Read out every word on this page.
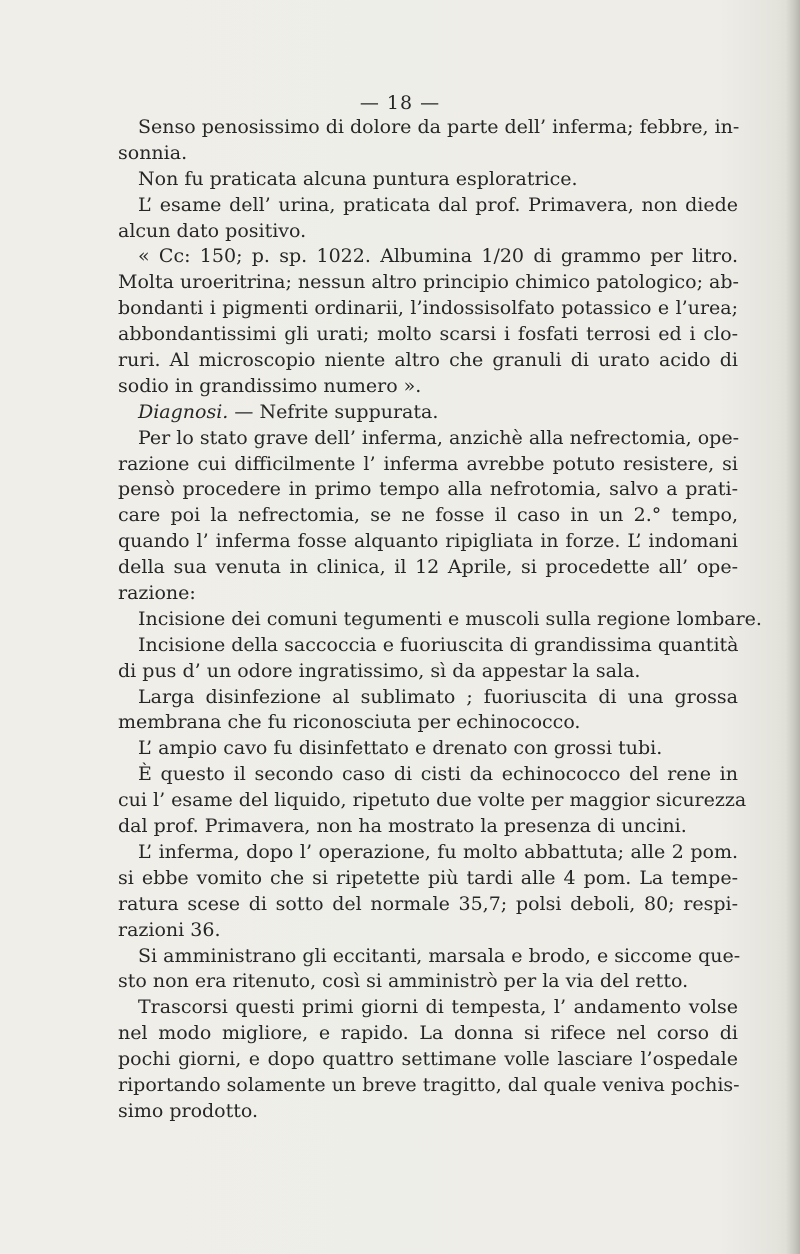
— 18 —
Senso penosissimo di dolore da parte dell’ inferma; febbre, in-
sonnia.
Non fu praticata alcuna puntura esploratrice.
L’ esame dell’ urina, praticata dal prof. Primavera, non diede
alcun dato positivo.
« Cc: 150; p. sp. 1022. Albumina 1/20 di grammo per litro.
Molta uroeritrina; nessun altro principio chimico patologico; ab-
bondanti i pigmenti ordinarii, l’indossisolfato potassico e l’urea;
abbondantissimi gli urati; molto scarsi i fosfati terrosi ed i clo-
ruri. Al microscopio niente altro che granuli di urato acido di
sodio in grandissimo numero ».
Diagnosi. — Nefrite suppurata.
Per lo stato grave dell’ inferma, anzichè alla nefrectomia, ope-
razione cui difficilmente l’ inferma avrebbe potuto resistere, si
pensò procedere in primo tempo alla nefrotomia, salvo a prati-
care poi la nefrectomia, se ne fosse il caso in un 2.° tempo,
quando l’ inferma fosse alquanto ripigliata in forze. L’ indomani
della sua venuta in clinica, il 12 Aprile, si procedette all’ ope-
razione:
Incisione dei comuni tegumenti e muscoli sulla regione lombare.
Incisione della saccoccia e fuoriuscita di grandissima quantità
di pus d’ un odore ingratissimo, sì da appestar la sala.
Larga disinfezione al sublimato ; fuoriuscita di una grossa
membrana che fu riconosciuta per echinococco.
L’ ampio cavo fu disinfettato e drenato con grossi tubi.
È questo il secondo caso di cisti da echinococco del rene in
cui l’ esame del liquido, ripetuto due volte per maggior sicurezza
dal prof. Primavera, non ha mostrato la presenza di uncini.
L’ inferma, dopo l’ operazione, fu molto abbattuta; alle 2 pom.
si ebbe vomito che si ripetette più tardi alle 4 pom. La tempe-
ratura scese di sotto del normale 35,7; polsi deboli, 80; respi-
razioni 36.
Si amministrano gli eccitanti, marsala e brodo, e siccome que-
sto non era ritenuto, così si amministrò per la via del retto.
Trascorsi questi primi giorni di tempesta, l’ andamento volse
nel modo migliore, e rapido. La donna si rifece nel corso di
pochi giorni, e dopo quattro settimane volle lasciare l’ospedale
riportando solamente un breve tragitto, dal quale veniva pochis-
simo prodotto.
